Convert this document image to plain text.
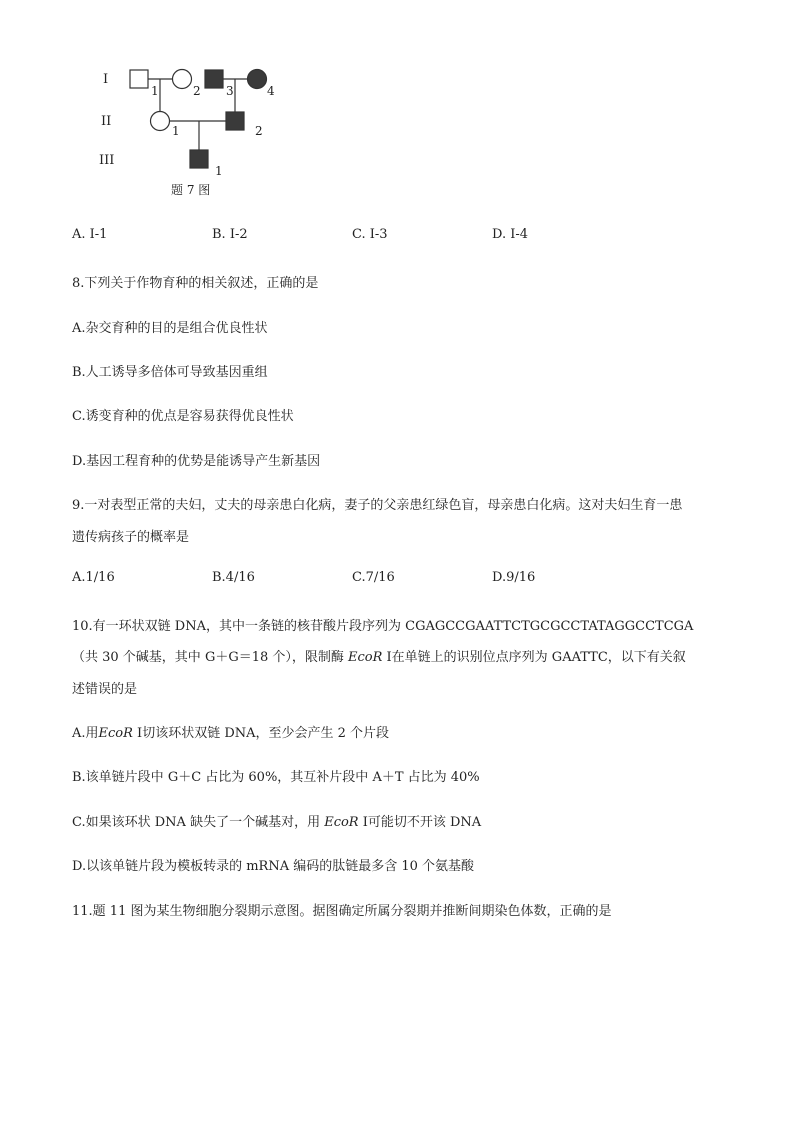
I
II
III
1	2 3	4
1	2
1
题 7 图
A. Ⅰ-1	B. Ⅰ-2	C. Ⅰ-3	D. Ⅰ-4
8.下列关于作物育种的相关叙述，正确的是
A.杂交育种的目的是组合优良性状
B.人工诱导多倍体可导致基因重组
C.诱变育种的优点是容易获得优良性状
D.基因工程育种的优势是能诱导产生新基因
9.一对表型正常的夫妇，丈夫的母亲患白化病，妻子的父亲患红绿色盲，母亲患白化病。这对夫妇生育一患
遗传病孩子的概率是
A.1/16	B.4/16	C.7/16	D.9/16
10.有一环状双链 DNA，其中一条链的核苷酸片段序列为 CGAGCCGAATTCTGCGCCTATAGGCCTCGA
（共 30 个碱基，其中 G＋G＝18 个），限制酶 EcoR Ⅰ在单链上的识别位点序列为 GAATTC，以下有关叙
述错误的是
A.用EcoR Ⅰ切该环状双链 DNA，至少会产生 2 个片段
B.该单链片段中 G＋C 占比为 60%，其互补片段中 A＋T 占比为 40%
C.如果该环状 DNA 缺失了一个碱基对，用 EcoR Ⅰ可能切不开该 DNA
D.以该单链片段为模板转录的 mRNA 编码的肽链最多含 10 个氨基酸
11.题 11 图为某生物细胞分裂期示意图。据图确定所属分裂期并推断间期染色体数，正确的是
